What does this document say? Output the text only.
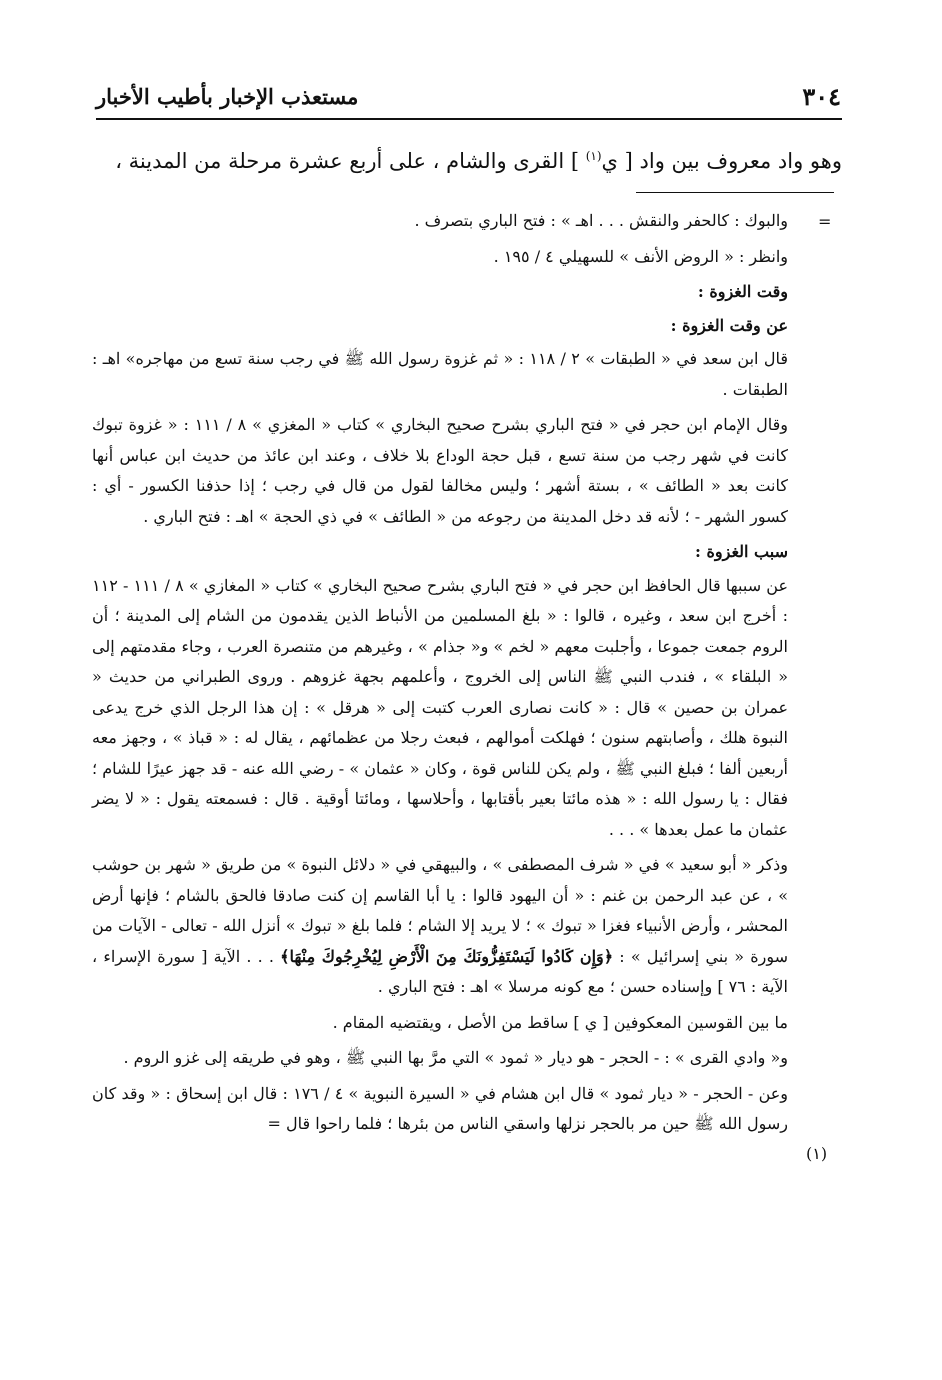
٣٠٤
مستعذب الإخبار بأطيب الأخبار
وهو واد معروف بين واد [ ي$^{(١)}$ ] القرى والشام ، على أربع عشرة مرحلة من المدينة ،
=
(١)

والبوك : كالحفر والنقش . . . اهـ » : فتح الباري بتصرف .

وانظر : « الروض الأنف » للسهيلي ٤ / ١٩٥ .

وقت الغزوة :

عن وقت الغزوة :

قال ابن سعد في « الطبقات » ٢ / ١١٨ : « ثم غزوة رسول الله ﷺ في رجب سنة تسع من مهاجره» اهـ : الطبقات .

وقال الإمام ابن حجر في « فتح الباري بشرح صحيح البخاري » كتاب « المغزي » ٨ / ١١١ : « غزوة تبوك كانت في شهر رجب من سنة تسع ، قبل حجة الوداع بلا خلاف ، وعند ابن عائذ من حديث ابن عباس أنها كانت بعد « الطائف » ، بستة أشهر ؛ وليس مخالفا لقول من قال في رجب ؛ إذا حذفنا الكسور - أي : كسور الشهر - ؛ لأنه قد دخل المدينة من رجوعه من « الطائف » في ذي الحجة » اهـ : فتح الباري .

سبب الغزوة :

عن سببها قال الحافظ ابن حجر في « فتح الباري بشرح صحيح البخاري » كتاب « المغازي » ٨ / ١١١ - ١١٢ : أخرج ابن سعد ، وغيره ، قالوا : « بلغ المسلمين من الأنباط الذين يقدمون من الشام إلى المدينة ؛ أن الروم جمعت جموعا ، وأجلبت معهم « لخم » و« جذام » ، وغيرهم من متنصرة العرب ، وجاء مقدمتهم إلى « البلقاء » ، فندب النبي ﷺ الناس إلى الخروج ، وأعلمهم بجهة غزوهم . وروى الطبراني من حديث « عمران بن حصين » قال : « كانت نصارى العرب كتبت إلى « هرقل » : إن هذا الرجل الذي خرج يدعى النبوة هلك ، وأصابتهم سنون ؛ فهلكت أموالهم ، فبعث رجلا من عظمائهم ، يقال له : « قباذ » ، وجهز معه أربعين ألفا ؛ فبلغ النبي ﷺ ، ولم يكن للناس قوة ، وكان « عثمان » - رضي الله عنه - قد جهز عيرًا للشام ؛ فقال : يا رسول الله : « هذه مائتا بعير بأقتابها ، وأحلاسها ، ومائتا أوقية . قال : فسمعته يقول : « لا يضر عثمان ما عمل بعدها » . . .

وذكر « أبو سعيد » في « شرف المصطفى » ، والبيهقي في « دلائل النبوة » من طريق « شهر بن حوشب » ، عن عبد الرحمن بن غنم : « أن اليهود قالوا : يا أبا القاسم إن كنت صادقا فالحق بالشام ؛ فإنها أرض المحشر ، وأرض الأنبياء فغزا « تبوك » ؛ لا يريد إلا الشام ؛ فلما بلغ « تبوك » أنزل الله - تعالى - الآيات من سورة « بني إسرائيل » : ﴿وَإِن كَادُوا لَيَسْتَفِزُّونَكَ مِنَ الْأَرْضِ لِيُخْرِجُوكَ مِنْهَا﴾ . . . الآية [ سورة الإسراء ، الآية : ٧٦ ] وإسناده حسن ؛ مع كونه مرسلا » اهـ : فتح الباري .

ما بين القوسين المعكوفين [ ي ] ساقط من الأصل ، ويقتضيه المقام .

و« وادي القرى » : - الحجر - هو ديار « ثمود » التي مرَّ بها النبي ﷺ ، وهو في طريقه إلى غزو الروم .

وعن - الحجر - « ديار ثمود » قال ابن هشام في « السيرة النبوية » ٤ / ١٧٦ : قال ابن إسحاق : « وقد كان رسول الله ﷺ حين مر بالحجر نزلها واسقي الناس من بئرها ؛ فلما راحوا قال =
